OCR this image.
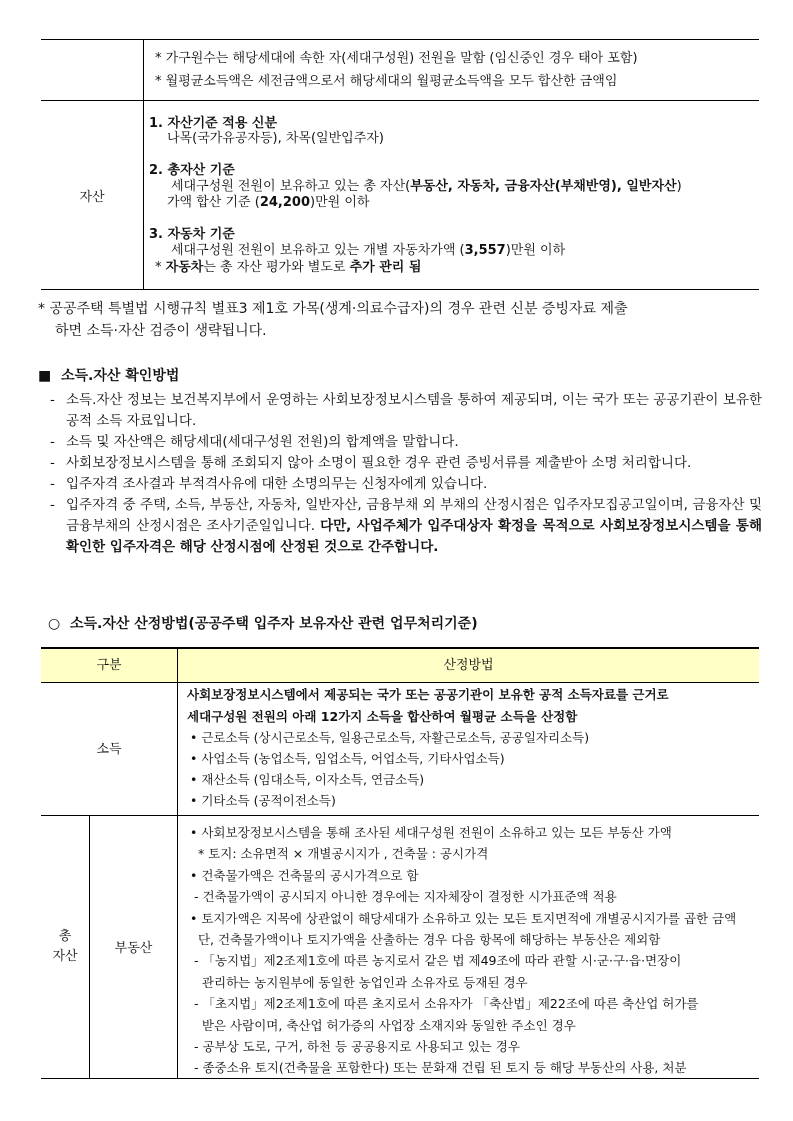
* 가구원수는 해당세대에 속한 자(세대구성원) 전원을 말함 (임신중인 경우 태아 포함)
* 월평균소득액은 세전금액으로서 해당세대의 월평균소득액을 모두 합산한 금액임
자산
1. 자산기준 적용 신분
나목(국가유공자등), 차목(일반입주자)
2. 총자산 기준
세대구성원 전원이 보유하고 있는 총 자산(부동산, 자동차, 금융자산(부채반영), 일반자산)
가액 합산 기준 (24,200)만원 이하
3. 자동차 기준
세대구성원 전원이 보유하고 있는 개별 자동차가액 (3,557)만원 이하
* 자동차는 총 자산 평가와 별도로 추가 관리 됨
* 공공주택 특별법 시행규칙 별표3 제1호 가목(생계·의료수급자)의 경우 관련 신분 증빙자료 제출
하면 소득·자산 검증이 생략됩니다.
■ 소득.자산 확인방법
- 소득.자산 정보는 보건복지부에서 운영하는 사회보장정보시스템을 통하여 제공되며, 이는 국가 또는 공공기관이 보유한 공적 소득 자료입니다.
- 소득 및 자산액은 해당세대(세대구성원 전원)의 합계액을 말합니다.
- 사회보장정보시스템을 통해 조회되지 않아 소명이 필요한 경우 관련 증빙서류를 제출받아 소명 처리합니다.
- 입주자격 조사결과 부적격사유에 대한 소명의무는 신청자에게 있습니다.
- 입주자격 중 주택, 소득, 부동산, 자동차, 일반자산, 금융부채 외 부채의 산정시점은 입주자모집공고일이며, 금융자산 및 금융부채의 산정시점은 조사기준일입니다. 다만, 사업주체가 입주대상자 확정을 목적으로 사회보장정보시스템을 통해 확인한 입주자격은 해당 산정시점에 산정된 것으로 간주합니다.
○ 소득.자산 산정방법(공공주택 입주자 보유자산 관련 업무처리기준)
구분	산정방법
소득
사회보장정보시스템에서 제공되는 국가 또는 공공기관이 보유한 공적 소득자료를 근거로
세대구성원 전원의 아래 12가지 소득을 합산하여 월평균 소득을 산정함
• 근로소득 (상시근로소득, 일용근로소득, 자활근로소득, 공공일자리소득)
• 사업소득 (농업소득, 임업소득, 어업소득, 기타사업소득)
• 재산소득 (임대소득, 이자소득, 연금소득)
• 기타소득 (공적이전소득)
총
자산	부동산
• 사회보장정보시스템을 통해 조사된 세대구성원 전원이 소유하고 있는 모든 부동산 가액
* 토지: 소유면적 × 개별공시지가 , 건축물 : 공시가격
• 건축물가액은 건축물의 공시가격으로 함
- 건축물가액이 공시되지 아니한 경우에는 지자체장이 결정한 시가표준액 적용
• 토지가액은 지목에 상관없이 해당세대가 소유하고 있는 모든 토지면적에 개별공시지가를 곱한 금액
단, 건축물가액이나 토지가액을 산출하는 경우 다음 항목에 해당하는 부동산은 제외함
- 「농지법」제2조제1호에 따른 농지로서 같은 법 제49조에 따라 관할 시·군·구·읍·면장이
관리하는 농지원부에 동일한 농업인과 소유자로 등재된 경우
- 「초지법」제2조제1호에 따른 초지로서 소유자가 「축산법」제22조에 따른 축산업 허가를
받은 사람이며, 축산업 허가증의 사업장 소재지와 동일한 주소인 경우
- 공부상 도로, 구거, 하천 등 공공용지로 사용되고 있는 경우
- 종중소유 토지(건축물을 포함한다) 또는 문화재 건립 된 토지 등 해당 부동산의 사용, 처분
